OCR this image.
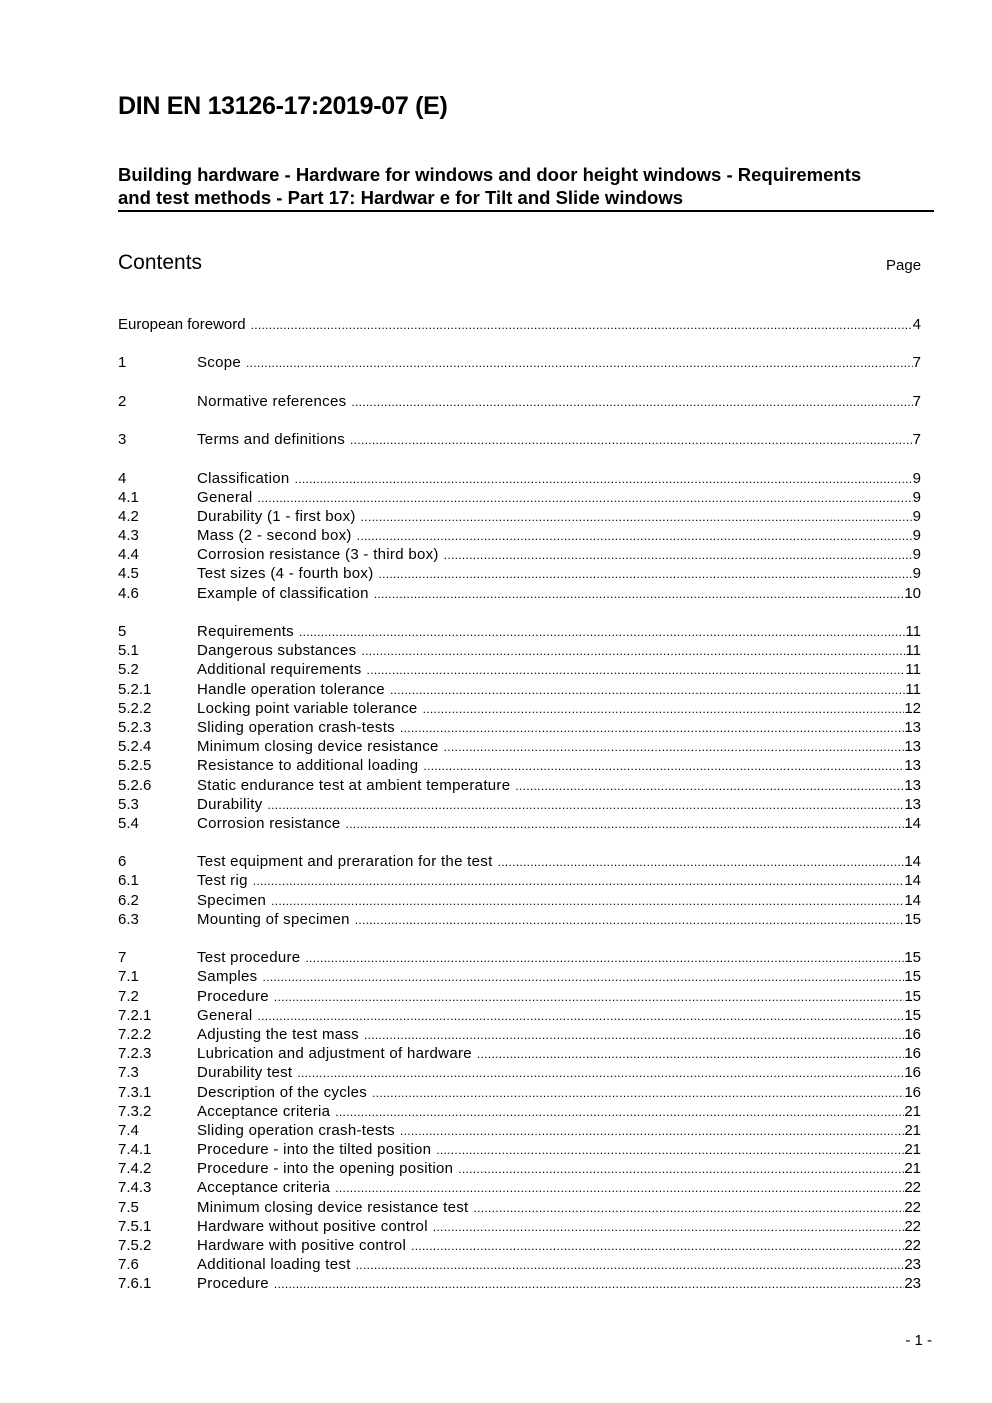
DIN EN 13126-17:2019-07 (E)
Building hardware - Hardware for windows and door height windows - Requirements
and test methods - Part 17: Hardwar e for Tilt and Slide windows
Contents	Page
European foreword .....	4
1	Scope .....	7
2	Normative references .....	7
3	Terms and definitions .....	7
4	Classification .....	9
4.1	General .....	9
4.2	Durability (1 - first box) .....	9
4.3	Mass (2 - second box) .....	9
4.4	Corrosion resistance (3 - third box) .....	9
4.5	Test sizes (4 - fourth box) .....	9
4.6	Example of classification .....	10
5	Requirements .....	11
5.1	Dangerous substances .....	11
5.2	Additional requirements .....	11
5.2.1	Handle operation tolerance .....	11
5.2.2	Locking point variable tolerance .....	12
5.2.3	Sliding operation crash-tests .....	13
5.2.4	Minimum closing device resistance .....	13
5.2.5	Resistance to additional loading .....	13
5.2.6	Static endurance test at ambient temperature .....	13
5.3	Durability .....	13
5.4	Corrosion resistance .....	14
6	Test equipment and preraration for the test .....	14
6.1	Test rig .....	14
6.2	Specimen .....	14
6.3	Mounting of specimen .....	15
7	Test procedure .....	15
7.1	Samples .....	15
7.2	Procedure .....	15
7.2.1	General .....	15
7.2.2	Adjusting the test mass .....	16
7.2.3	Lubrication and adjustment of hardware .....	16
7.3	Durability test .....	16
7.3.1	Description of the cycles .....	16
7.3.2	Acceptance criteria .....	21
7.4	Sliding operation crash-tests .....	21
7.4.1	Procedure - into the tilted position .....	21
7.4.2	Procedure - into the opening position .....	21
7.4.3	Acceptance criteria .....	22
7.5	Minimum closing device resistance test .....	22
7.5.1	Hardware without positive control .....	22
7.5.2	Hardware with positive control .....	22
7.6	Additional loading test .....	23
7.6.1	Procedure .....	23
- 1 -
